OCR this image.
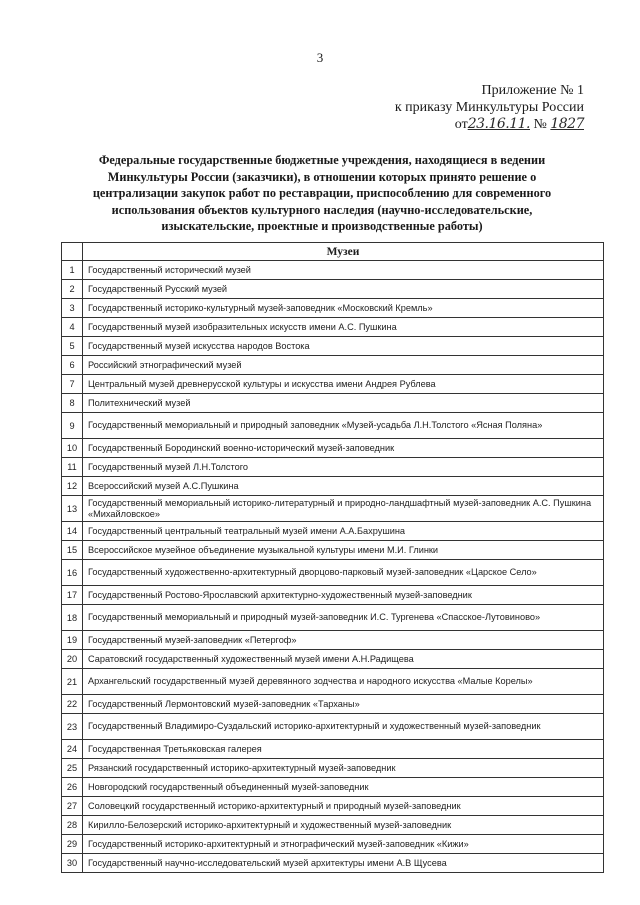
3
Приложение № 1
к приказу Минкультуры России
от23.16.11. № 1827
Федеральные государственные бюджетные учреждения, находящиеся в ведении Минкультуры России (заказчики), в отношении которых принято решение о централизации закупок работ по реставрации, приспособлению для современного использования объектов культурного наследия (научно-исследовательские, изыскательские, проектные и производственные работы)
	Музеи
1	Государственный исторический музей
2	Государственный Русский музей
3	Государственный историко-культурный музей-заповедник «Московский Кремль»
4	Государственный музей изобразительных искусств имени А.С. Пушкина
5	Государственный музей искусства народов Востока
6	Российский этнографический музей
7	Центральный музей древнерусской культуры и искусства имени Андрея Рублева
8	Политехнический музей
9	Государственный мемориальный и природный заповедник «Музей-усадьба Л.Н.Толстого «Ясная Поляна»
10	Государственный Бородинский военно-исторический музей-заповедник
11	Государственный музей Л.Н.Толстого
12	Всероссийский музей А.С.Пушкина
13	Государственный мемориальный историко-литературный и природно-ландшафтный музей-заповедник А.С. Пушкина «Михайловское»
14	Государственный центральный театральный музей имени А.А.Бахрушина
15	Всероссийское музейное объединение музыкальной культуры имени М.И. Глинки
16	Государственный художественно-архитектурный дворцово-парковый музей-заповедник «Царское Село»
17	Государственный Ростово-Ярославский архитектурно-художественный музей-заповедник
18	Государственный мемориальный и природный музей-заповедник И.С. Тургенева «Спасское-Лутовиново»
19	Государственный музей-заповедник «Петергоф»
20	Саратовский государственный художественный музей имени А.Н.Радищева
21	Архангельский государственный музей деревянного зодчества и народного искусства «Малые Корелы»
22	Государственный Лермонтовский музей-заповедник «Тарханы»
23	Государственный Владимиро-Суздальский историко-архитектурный и художественный музей-заповедник
24	Государственная Третьяковская галерея
25	Рязанский государственный историко-архитектурный музей-заповедник
26	Новгородский государственный объединенный музей-заповедник
27	Соловецкий государственный историко-архитектурный и природный музей-заповедник
28	Кирилло-Белозерский историко-архитектурный и художественный музей-заповедник
29	Государственный историко-архитектурный и этнографический музей-заповедник «Кижи»
30	Государственный научно-исследовательский музей архитектуры имени А.В Щусева
